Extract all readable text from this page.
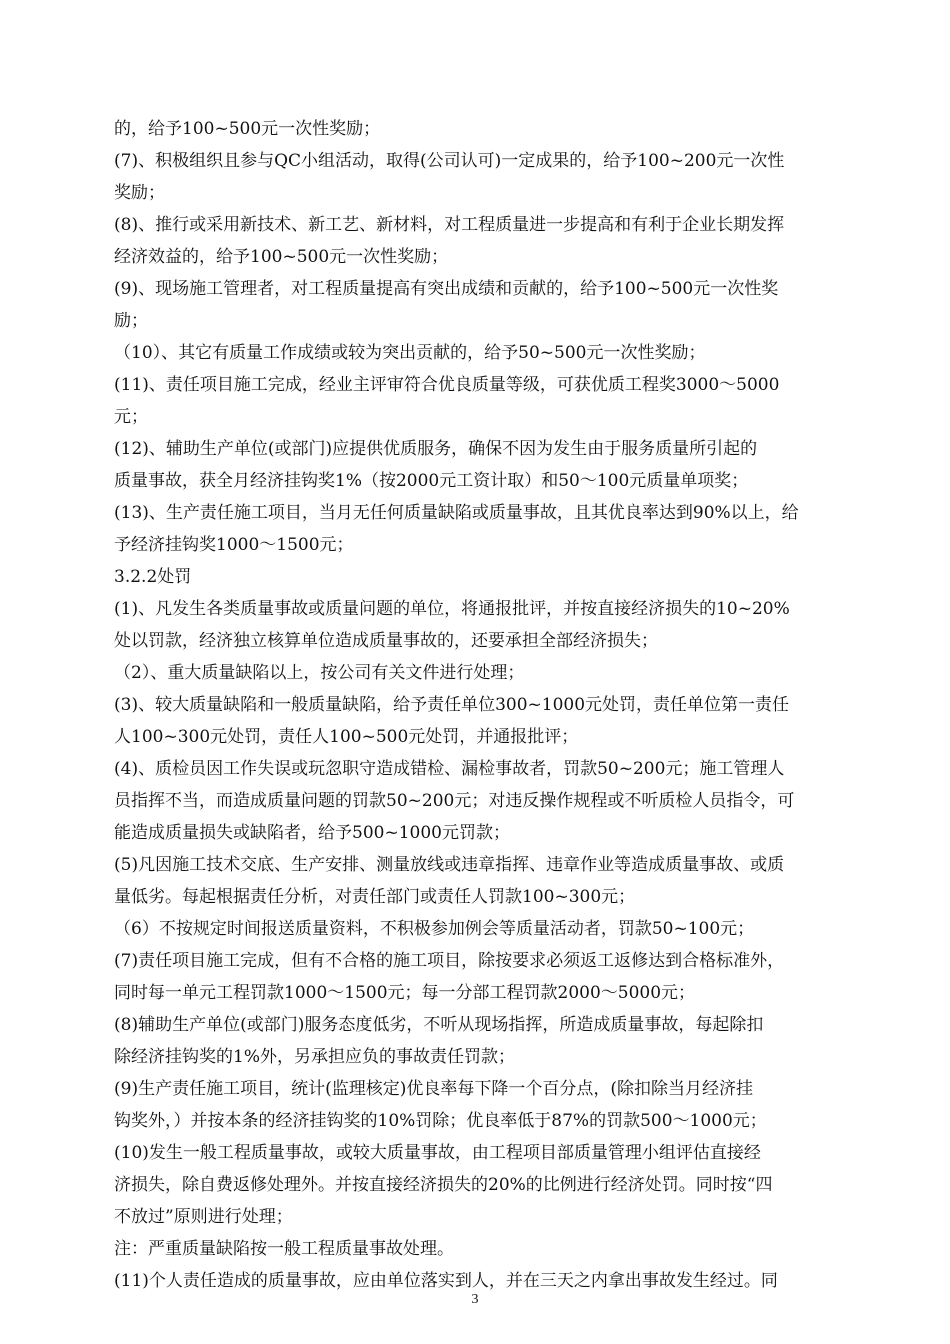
的，给予100~500元一次性奖励；
(7)、积极组织且参与QC小组活动，取得(公司认可)一定成果的，给予100~200元一次性
奖励；
(8)、推行或采用新技术、新工艺、新材料，对工程质量进一步提高和有利于企业长期发挥
经济效益的，给予100~500元一次性奖励；
(9)、现场施工管理者，对工程质量提高有突出成绩和贡献的，给予100~500元一次性奖
励；
（10）、其它有质量工作成绩或较为突出贡献的，给予50~500元一次性奖励；
(11)、责任项目施工完成，经业主评审符合优良质量等级，可获优质工程奖3000～5000
元；
(12)、辅助生产单位(或部门)应提供优质服务，确保不因为发生由于服务质量所引起的
质量事故，获全月经济挂钩奖1%（按2000元工资计取）和50～100元质量单项奖；
(13)、生产责任施工项目，当月无任何质量缺陷或质量事故，且其优良率达到90%以上，给
予经济挂钩奖1000～1500元；
3.2.2处罚
(1)、凡发生各类质量事故或质量问题的单位，将通报批评，并按直接经济损失的10~20%
处以罚款，经济独立核算单位造成质量事故的，还要承担全部经济损失；
（2）、重大质量缺陷以上，按公司有关文件进行处理；
(3)、较大质量缺陷和一般质量缺陷，给予责任单位300~1000元处罚，责任单位第一责任
人100~300元处罚，责任人100~500元处罚，并通报批评；
(4)、质检员因工作失误或玩忽职守造成错检、漏检事故者，罚款50~200元；施工管理人
员指挥不当，而造成质量问题的罚款50~200元；对违反操作规程或不听质检人员指令，可
能造成质量损失或缺陷者，给予500~1000元罚款；
(5)凡因施工技术交底、生产安排、测量放线或违章指挥、违章作业等造成质量事故、或质
量低劣。每起根据责任分析，对责任部门或责任人罚款100~300元；
（6）不按规定时间报送质量资料，不积极参加例会等质量活动者，罚款50~100元；
(7)责任项目施工完成，但有不合格的施工项目，除按要求必须返工返修达到合格标准外，
同时每一单元工程罚款1000～1500元；每一分部工程罚款2000～5000元；
(8)辅助生产单位(或部门)服务态度低劣，不听从现场指挥，所造成质量事故，每起除扣
除经济挂钩奖的1%外，另承担应负的事故责任罚款；
(9)生产责任施工项目，统计(监理核定)优良率每下降一个百分点，(除扣除当月经济挂
钩奖外，）并按本条的经济挂钩奖的10%罚除；优良率低于87%的罚款500～1000元；
(10)发生一般工程质量事故，或较大质量事故，由工程项目部质量管理小组评估直接经
济损失，除自费返修处理外。并按直接经济损失的20%的比例进行经济处罚。同时按“四
不放过”原则进行处理；
注：严重质量缺陷按一般工程质量事故处理。
(11)个人责任造成的质量事故，应由单位落实到人，并在三天之内拿出事故发生经过。同
3
